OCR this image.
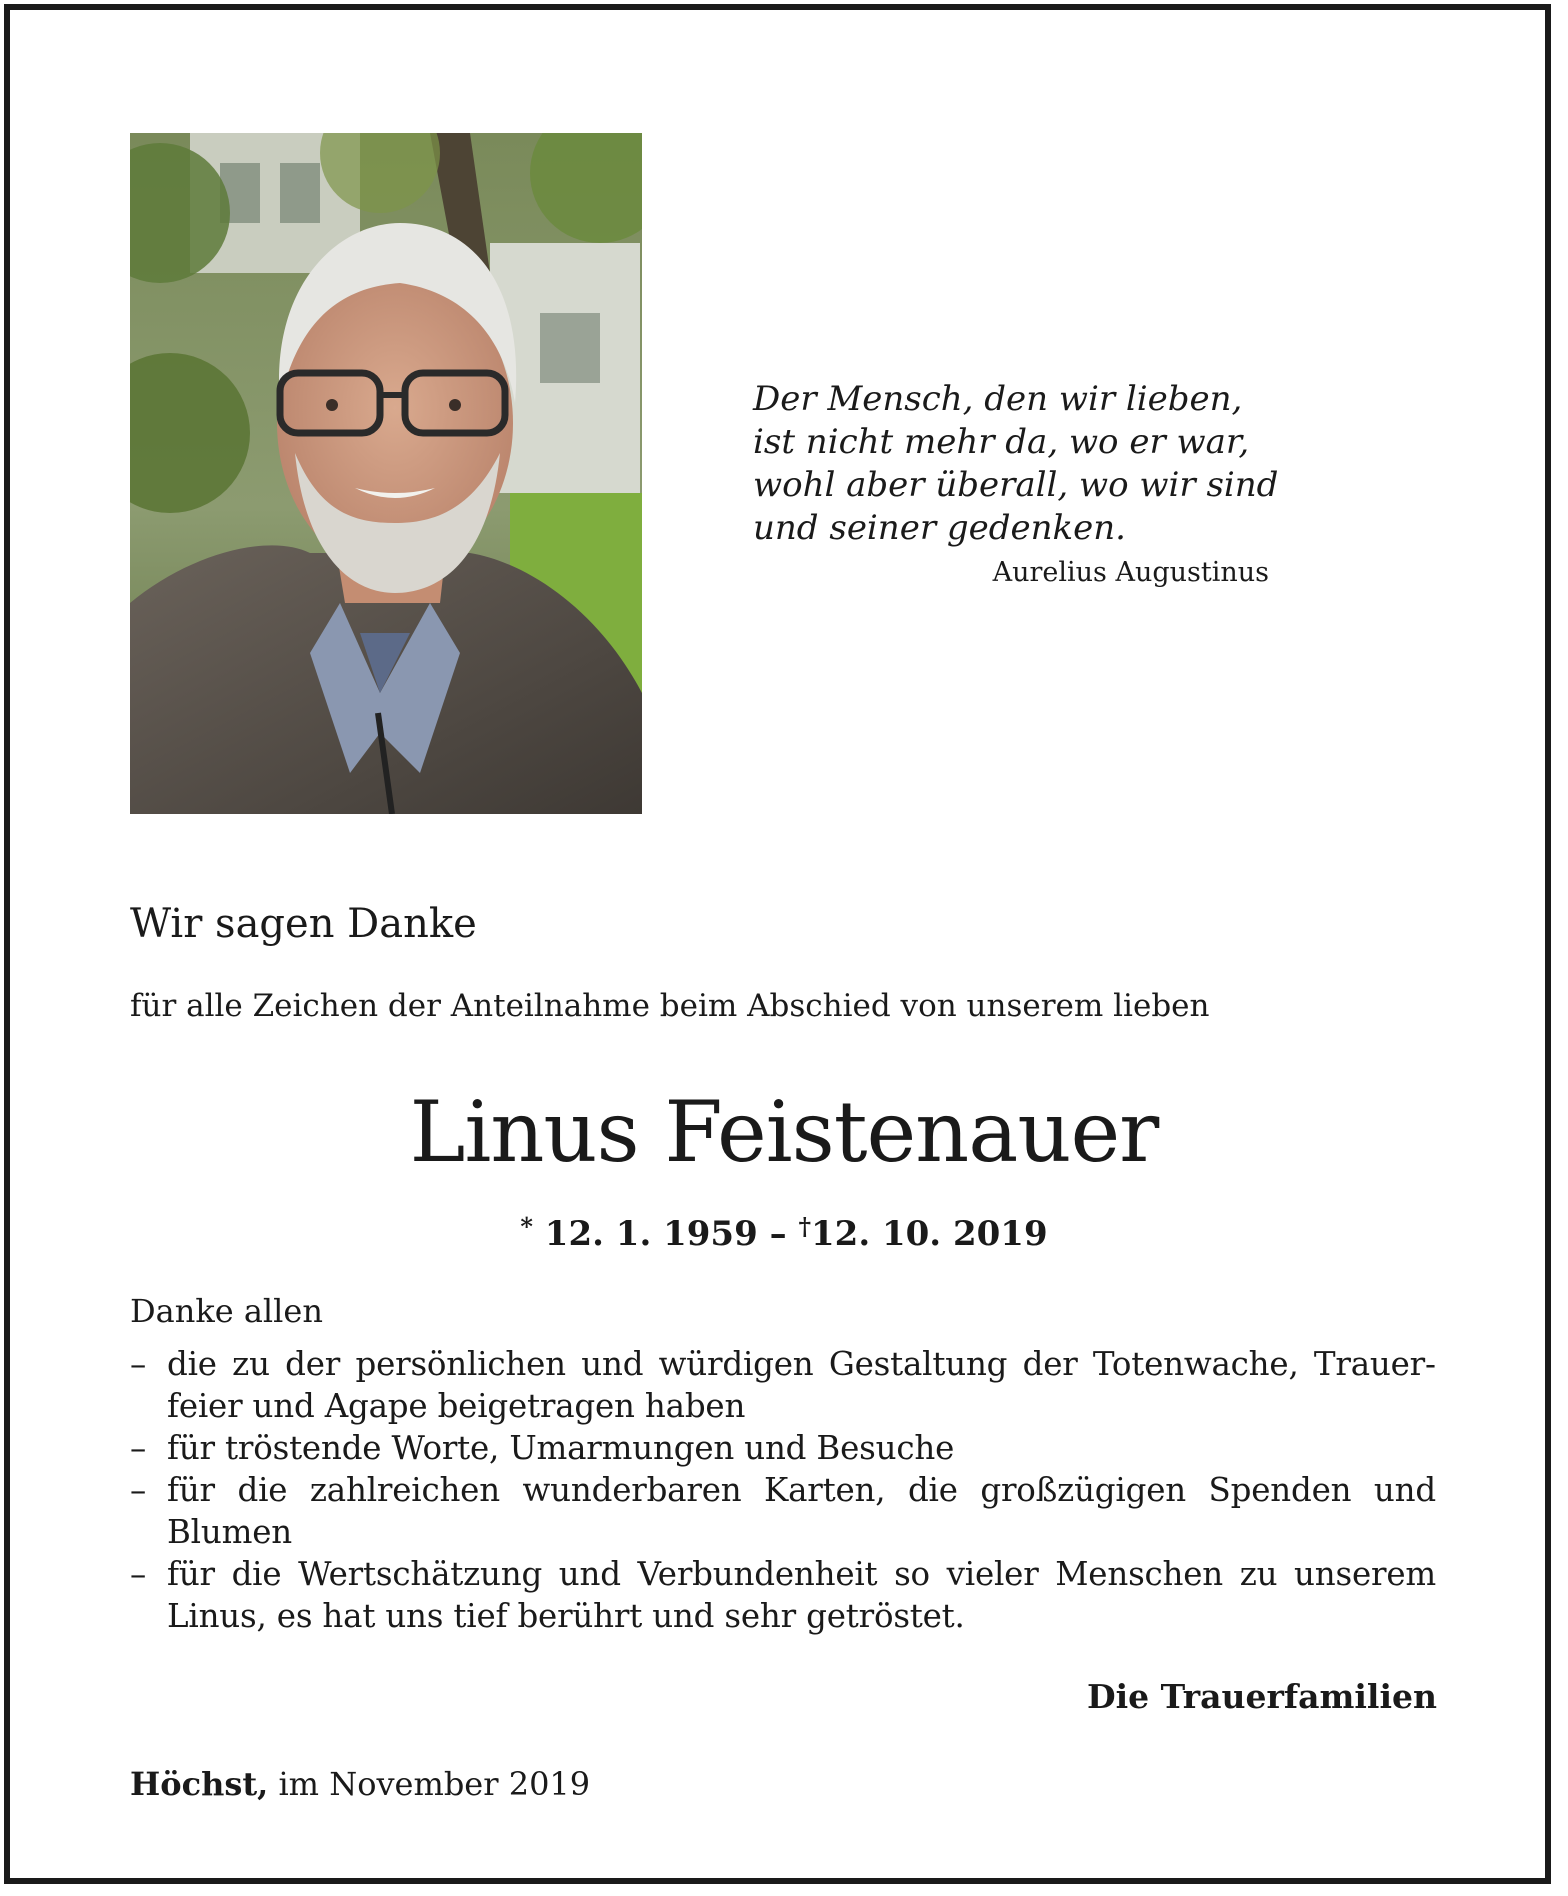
Der Mensch, den wir lieben,
ist nicht mehr da, wo er war,
wohl aber überall, wo wir sind
und seiner gedenken.
Aurelius Augustinus
Wir sagen Danke
für alle Zeichen der Anteilnahme beim Abschied von unserem lieben
Linus Feistenauer
* 12. 1. 1959 – †12. 10. 2019
Danke allen
– die zu der persönlichen und würdigen Gestaltung der Totenwache, Trauerfeier und Agape beigetragen haben
– für tröstende Worte, Umarmungen und Besuche
– für die zahlreichen wunderbaren Karten, die großzügigen Spenden und Blumen
– für die Wertschätzung und Verbundenheit so vieler Menschen zu unserem Linus, es hat uns tief berührt und sehr getröstet.
Die Trauerfamilien
Höchst, im November 2019
